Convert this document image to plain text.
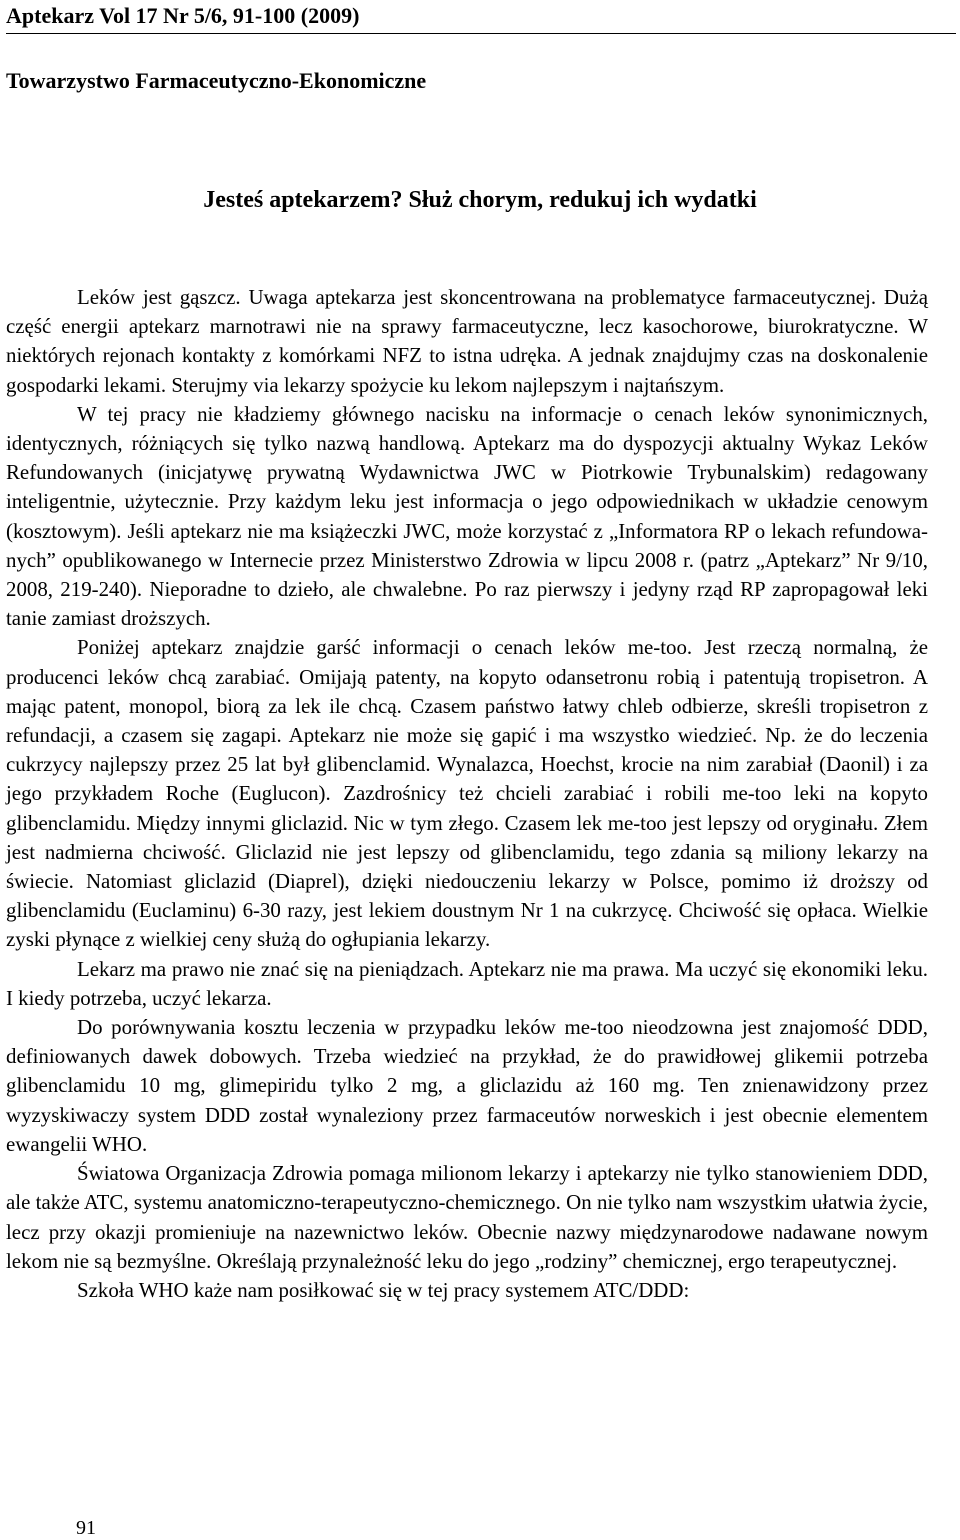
Aptekarz Vol 17 Nr 5/6, 91-100 (2009)
Towarzystwo Farmaceutyczno-Ekonomiczne
Jesteś aptekarzem? Służ chorym, redukuj ich wydatki

Leków jest gąszcz. Uwaga aptekarza jest skoncentrowana na problematyce farmaceutycznej. Dużą część energii aptekarz marnotrawi nie na sprawy farmaceutyczne, lecz kasochorowe, biurokratyczne. W niektórych rejonach kontakty z komórkami NFZ to istna udręka. A jednak znajdujmy czas na doskonalenie gospodarki lekami. Sterujmy via lekarzy spożycie ku lekom najlepszym i najtańszym.

W tej pracy nie kładziemy głównego nacisku na informacje o cenach leków synonimicznych, identycznych, różniących się tylko nazwą handlową. Aptekarz ma do dyspozycji aktualny Wykaz Leków Refundowanych (inicjatywę prywatną Wydawnictwa JWC w Piotrkowie Trybunalskim) redagowany inteligentnie, użytecznie. Przy każdym leku jest informacja o jego odpowiednikach w układzie cenowym (kosztowym). Jeśli aptekarz nie ma książeczki JWC, może korzystać z „Informatora RP o lekach refundowa-nych” opublikowanego w Internecie przez Ministerstwo Zdrowia w lipcu 2008 r. (patrz „Aptekarz” Nr 9/10, 2008, 219-240). Nieporadne to dzieło, ale chwalebne. Po raz pierwszy i jedyny rząd RP zapropagował leki tanie zamiast droższych.

Poniżej aptekarz znajdzie garść informacji o cenach leków me-too. Jest rzeczą normalną, że producenci leków chcą zarabiać. Omijają patenty, na kopyto odansetronu robią i patentują tropisetron. A mając patent, monopol, biorą za lek ile chcą. Czasem państwo łatwy chleb odbierze, skreśli tropisetron z refundacji, a czasem się zagapi. Aptekarz nie może się gapić i ma wszystko wiedzieć. Np. że do leczenia cukrzycy najlepszy przez 25 lat był glibenclamid. Wynalazca, Hoechst, krocie na nim zarabiał (Daonil) i za jego przykładem Roche (Euglucon). Zazdrośnicy też chcieli zarabiać i robili me-too leki na kopyto glibenclamidu. Między innymi gliclazid. Nic w tym złego. Czasem lek me-too jest lepszy od oryginału. Złem jest nadmierna chciwość. Gliclazid nie jest lepszy od glibenclamidu, tego zdania są miliony lekarzy na świecie. Natomiast gliclazid (Diaprel), dzięki niedouczeniu lekarzy w Polsce, pomimo iż droższy od glibenclamidu (Euclaminu) 6-30 razy, jest lekiem doustnym Nr 1 na cukrzycę. Chciwość się opłaca. Wielkie zyski płynące z wielkiej ceny służą do ogłupiania lekarzy.

Lekarz ma prawo nie znać się na pieniądzach. Aptekarz nie ma prawa. Ma uczyć się ekonomiki leku. I kiedy potrzeba, uczyć lekarza.

Do porównywania kosztu leczenia w przypadku leków me-too nieodzowna jest znajomość DDD, definiowanych dawek dobowych. Trzeba wiedzieć na przykład, że do prawidłowej glikemii potrzeba glibenclamidu 10 mg, glimepiridu tylko 2 mg, a gliclazidu aż 160 mg. Ten znienawidzony przez wyzyskiwaczy system DDD został wynaleziony przez farmaceutów norweskich i jest obecnie elementem ewangelii WHO.

Światowa Organizacja Zdrowia pomaga milionom lekarzy i aptekarzy nie tylko stanowieniem DDD, ale także ATC, systemu anatomiczno-terapeutyczno-chemicznego. On nie tylko nam wszystkim ułatwia życie, lecz przy okazji promieniuje na nazewnictwo leków. Obecnie nazwy międzynarodowe nadawane nowym lekom nie są bezmyślne. Określają przynależność leku do jego „rodziny” chemicznej, ergo terapeutycznej.

Szkoła WHO każe nam posiłkować się w tej pracy systemem ATC/DDD:

91
